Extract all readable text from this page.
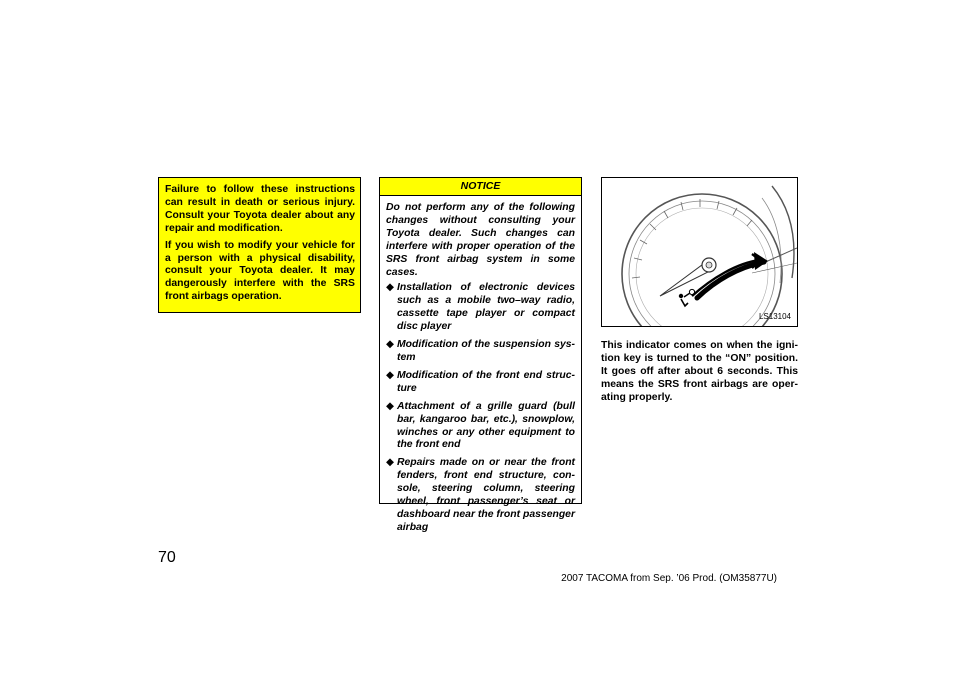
Failure to follow these instructions can result in death or serious injury. Consult your Toyota dealer about any repair and modification.

If you wish to modify your vehicle for a person with a physical disability, consult your Toyota dealer. It may dangerously interfere with the SRS front airbags operation.

NOTICE

Do not perform any of the following changes without consulting your Toyota dealer. Such changes can interfere with proper operation of the SRS front airbag system in some cases.

◆ Installation of electronic devices such as a mobile two–way radio, cassette tape player or compact disc player
◆ Modification of the suspension sys-tem
◆ Modification of the front end struc-ture
◆ Attachment of a grille guard (bull bar, kangaroo bar, etc.), snowplow, winches or any other equipment to the front end
◆ Repairs made on or near the front fenders, front end structure, con-sole, steering column, steering wheel, front passenger’s seat or dashboard near the front passenger airbag
LS13104

This indicator comes on when the igni-tion key is turned to the “ON” position. It goes off after about 6 seconds. This means the SRS front airbags are oper-ating properly.

70
2007 TACOMA from Sep. ’06 Prod. (OM35877U)
